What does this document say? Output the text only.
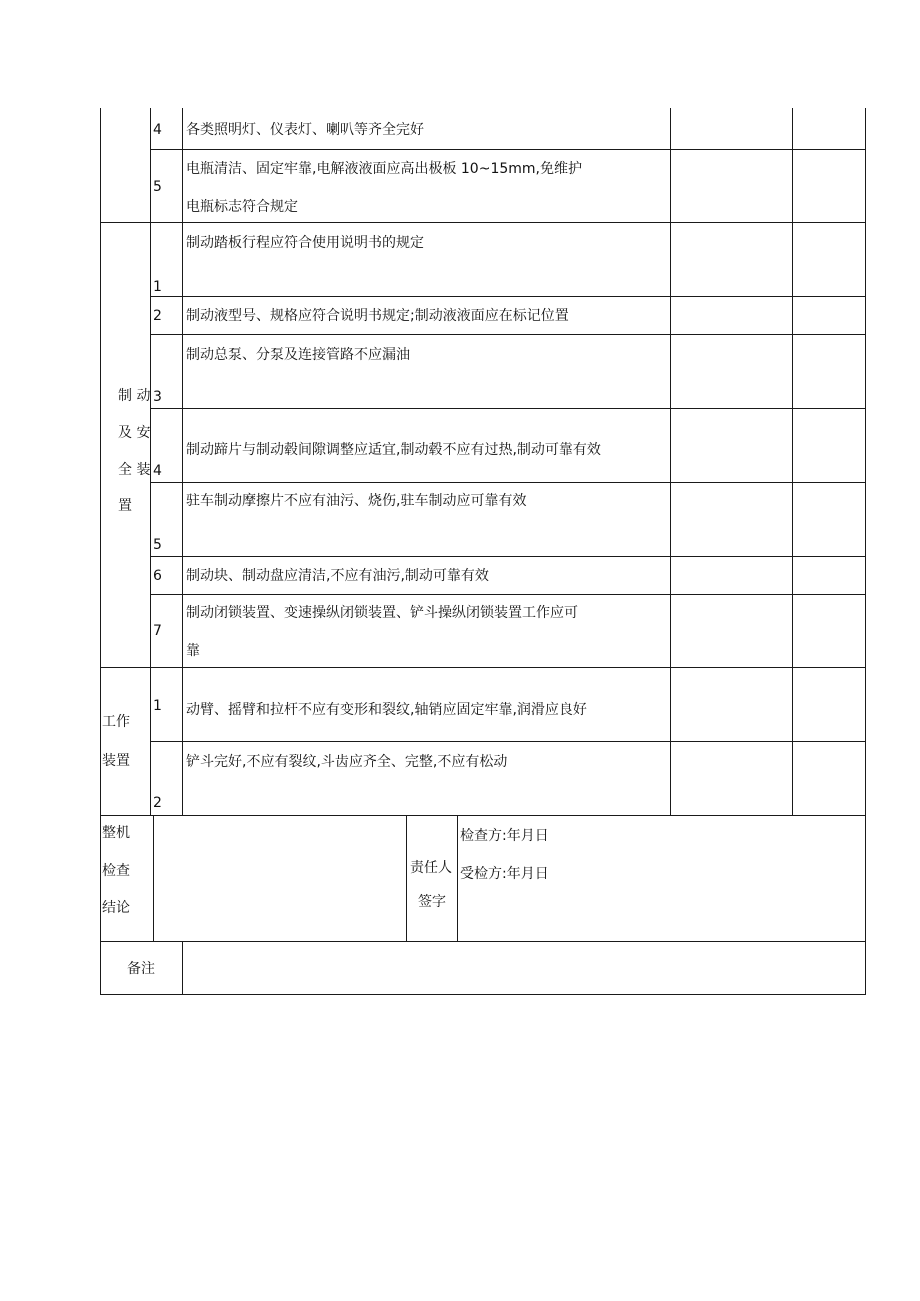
4 各类照明灯、仪表灯、喇叭等齐全完好
5
电瓶清洁、固定牢靠,电解液液面应高出极板 10~15mm,免维护
电瓶标志符合规定
制 动
及 安
全 装
置
1
制动踏板行程应符合使用说明书的规定
2 制动液型号、规格应符合说明书规定;制动液液面应在标记位置
3
制动总泵、分泵及连接管路不应漏油
4
制动蹄片与制动毂间隙调整应适宜,制动毂不应有过热,制动可靠有效
5
驻车制动摩擦片不应有油污、烧伤,驻车制动应可靠有效
6 制动块、制动盘应清洁,不应有油污,制动可靠有效
7
制动闭锁装置、变速操纵闭锁装置、铲斗操纵闭锁装置工作应可
靠
工作
装置
1 动臂、摇臂和拉杆不应有变形和裂纹,轴销应固定牢靠,润滑应良好
2
铲斗完好,不应有裂纹,斗齿应齐全、完整,不应有松动
整机
检查
结论
责任人
签字
检查方:年月日
受检方:年月日
备注
